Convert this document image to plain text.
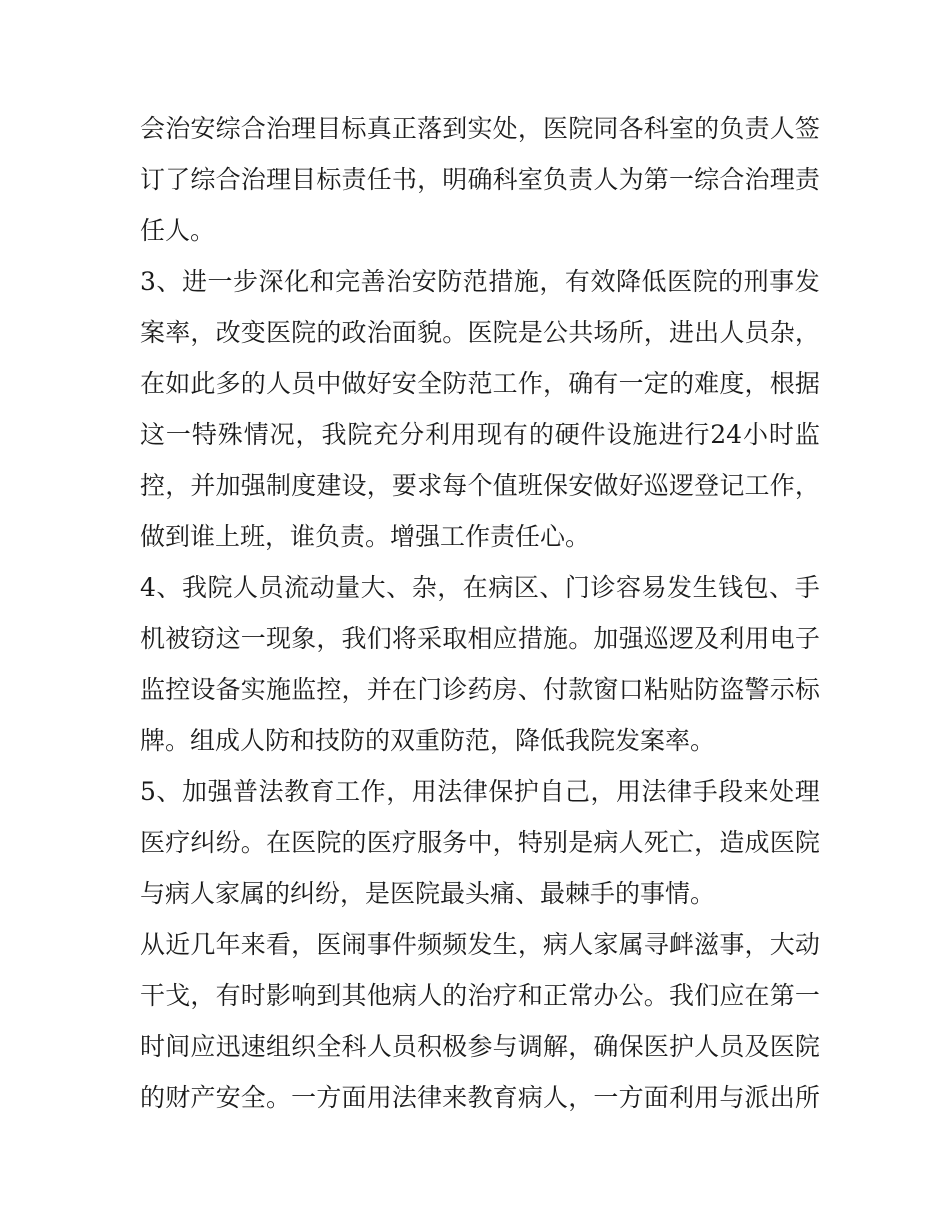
会 治 安 综 合 治 理 目 标 真 正 落 到 实 处 ， 医 院 同 各 科 室 的 负 责 人 签
订 了 综 合 治 理 目 标 责 任 书 ， 明 确 科 室 负 责 人 为 第 一 综 合 治 理 责
任人。
3 、 进 一 步 深 化 和 完 善 治 安 防 范 措 施 ， 有 效 降 低 医 院 的 刑 事 发
案 率 ， 改 变 医 院 的 政 治 面 貌 。 医 院 是 公 共 场 所 ， 进 出 人 员 杂 ，
在 如 此 多 的 人 员 中 做 好 安 全 防 范 工 作 ， 确 有 一 定 的 难 度 ， 根 据
这 一 特 殊 情 况 ， 我 院 充 分 利 用 现 有 的 硬 件 设 施 进 行 24 小 时 监
控 ， 并 加 强 制 度 建 设 ， 要 求 每 个 值 班 保 安 做 好 巡 逻 登 记 工 作 ，
做到谁上班，谁负责。增强工作责任心。
4 、 我 院 人 员 流 动 量 大 、 杂 ， 在 病 区 、 门 诊 容 易 发 生 钱 包 、 手
机 被 窃 这 一 现 象 ， 我 们 将 采 取 相 应 措 施 。 加 强 巡 逻 及 利 用 电 子
监 控 设 备 实 施 监 控 ， 并 在 门 诊 药 房 、 付 款 窗 口 粘 贴 防 盗 警 示 标
牌。组成人防和技防的双重防范，降低我院发案率。
5 、 加 强 普 法 教 育 工 作 ， 用 法 律 保 护 自 己 ， 用 法 律 手 段 来 处 理
医 疗 纠 纷 。 在 医 院 的 医 疗 服 务 中 ， 特 别 是 病 人 死 亡 ， 造 成 医 院
与病人家属的纠纷，是医院最头痛、最棘手的事情。
从 近 几 年 来 看 ， 医 闹 事 件 频 频 发 生 ， 病 人 家 属 寻 衅 滋 事 ， 大 动
干 戈 ， 有 时 影 响 到 其 他 病 人 的 治 疗 和 正 常 办 公 。 我 们 应 在 第 一
时 间 应 迅 速 组 织 全 科 人 员 积 极 参 与 调 解 ， 确 保 医 护 人 员 及 医 院
的 财 产 安 全 。 一 方 面 用 法 律 来 教 育 病 人 ， 一 方 面 利 用 与 派 出 所
